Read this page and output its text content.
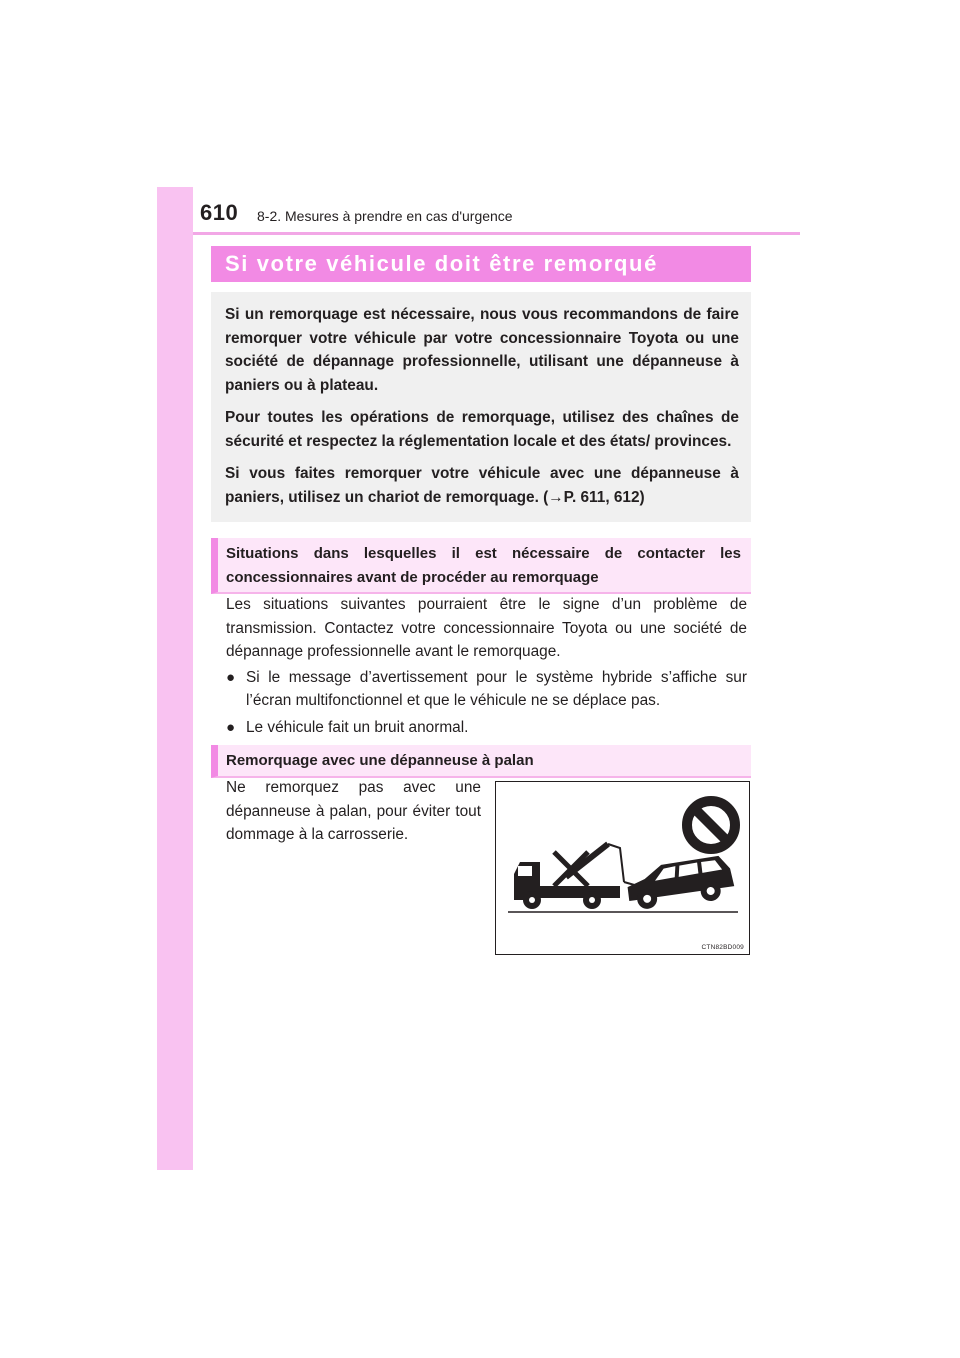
610 8-2. Mesures à prendre en cas d'urgence
Si votre véhicule doit être remorqué

Si un remorquage est nécessaire, nous vous recommandons de faire remorquer votre véhicule par votre concessionnaire Toyota ou une société de dépannage professionnelle, utilisant une dépanneuse à paniers ou à plateau.

Pour toutes les opérations de remorquage, utilisez des chaînes de sécurité et respectez la réglementation locale et des états/ provinces.

Si vous faites remorquer votre véhicule avec une dépanneuse à paniers, utilisez un chariot de remorquage. (→P. 611, 612)

Situations dans lesquelles il est nécessaire de contacter les concessionnaires avant de procéder au remorquage

Les situations suivantes pourraient être le signe d’un problème de transmission. Contactez votre concessionnaire Toyota ou une société de dépannage professionnelle avant le remorquage.

● Si le message d’avertissement pour le système hybride s’affiche sur l’écran multifonctionnel et que le véhicule ne se déplace pas.

● Le véhicule fait un bruit anormal.

Remorquage avec une dépanneuse à palan

Ne remorquez pas avec une dépanneuse à palan, pour éviter tout dommage à la carrosserie.

CTN82BD009
